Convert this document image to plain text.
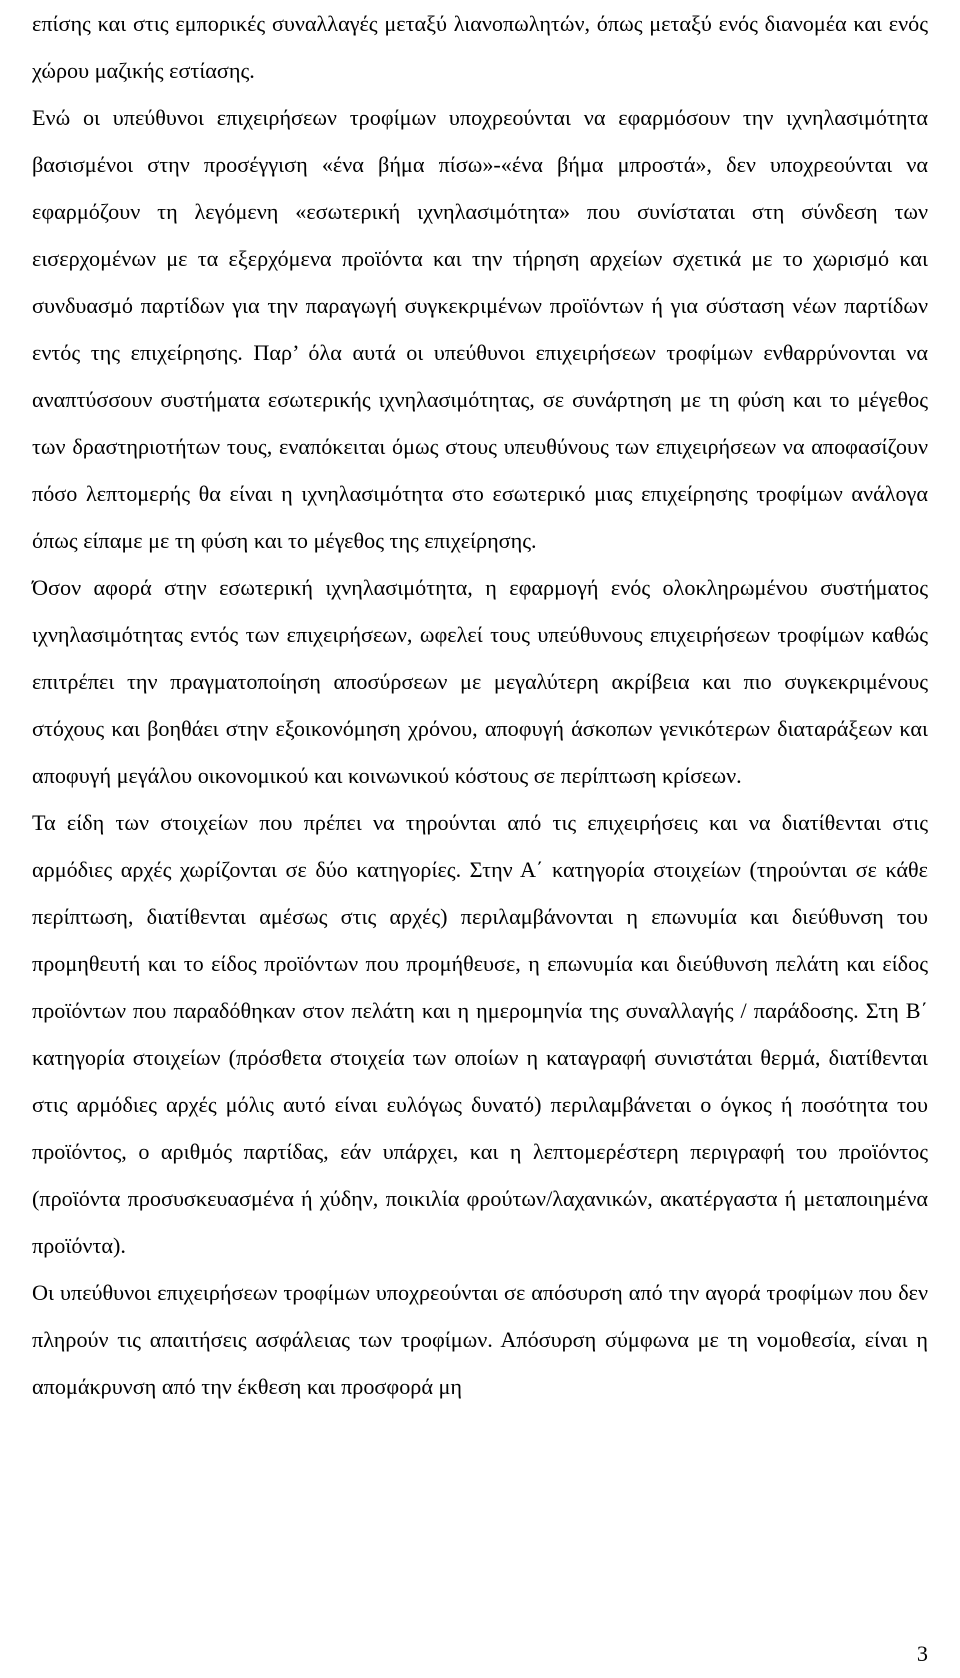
επίσης και στις εμπορικές συναλλαγές μεταξύ λιανοπωλητών, όπως μεταξύ ενός διανομέα και ενός χώρου μαζικής εστίασης.

Ενώ οι υπεύθυνοι επιχειρήσεων τροφίμων υποχρεούνται να εφαρμόσουν την ιχνηλασιμότητα βασισμένοι στην προσέγγιση «ένα βήμα πίσω»-«ένα βήμα μπροστά», δεν υποχρεούνται να εφαρμόζουν τη λεγόμενη «εσωτερική ιχνηλασιμότητα» που συνίσταται στη σύνδεση των εισερχομένων με τα εξερχόμενα προϊόντα και την τήρηση αρχείων σχετικά με το χωρισμό και συνδυασμό παρτίδων για την παραγωγή συγκεκριμένων προϊόντων ή για σύσταση νέων παρτίδων εντός της επιχείρησης. Παρ’ όλα αυτά οι υπεύθυνοι επιχειρήσεων τροφίμων ενθαρρύνονται να αναπτύσσουν συστήματα εσωτερικής ιχνηλασιμότητας, σε συνάρτηση με τη φύση και το μέγεθος των δραστηριοτήτων τους, εναπόκειται όμως στους υπευθύνους των επιχειρήσεων να αποφασίζουν πόσο λεπτομερής θα είναι η ιχνηλασιμότητα στο εσωτερικό μιας επιχείρησης τροφίμων ανάλογα όπως είπαμε με τη φύση και το μέγεθος της επιχείρησης.

Όσον αφορά στην εσωτερική ιχνηλασιμότητα, η εφαρμογή ενός ολοκληρωμένου συστήματος ιχνηλασιμότητας εντός των επιχειρήσεων, ωφελεί τους υπεύθυνους επιχειρήσεων τροφίμων καθώς επιτρέπει την πραγματοποίηση αποσύρσεων με μεγαλύτερη ακρίβεια και πιο συγκεκριμένους στόχους και βοηθάει στην εξοικονόμηση χρόνου, αποφυγή άσκοπων γενικότερων διαταράξεων και αποφυγή μεγάλου οικονομικού και κοινωνικού κόστους σε περίπτωση κρίσεων.

Τα είδη των στοιχείων που πρέπει να τηρούνται από τις επιχειρήσεις και να διατίθενται στις αρμόδιες αρχές χωρίζονται σε δύο κατηγορίες. Στην Α΄ κατηγορία στοιχείων (τηρούνται σε κάθε περίπτωση, διατίθενται αμέσως στις αρχές) περιλαμβάνονται η επωνυμία και διεύθυνση του προμηθευτή και το είδος προϊόντων που προμήθευσε, η επωνυμία και διεύθυνση πελάτη και είδος προϊόντων που παραδόθηκαν στον πελάτη και η ημερομηνία της συναλλαγής / παράδοσης. Στη Β΄ κατηγορία στοιχείων (πρόσθετα στοιχεία των οποίων η καταγραφή συνιστάται θερμά, διατίθενται στις αρμόδιες αρχές μόλις αυτό είναι ευλόγως δυνατό) περιλαμβάνεται ο όγκος ή ποσότητα του προϊόντος, ο αριθμός παρτίδας, εάν υπάρχει, και η λεπτομερέστερη περιγραφή του προϊόντος (προϊόντα προσυσκευασμένα ή χύδην, ποικιλία φρούτων/λαχανικών, ακατέργαστα ή μεταποιημένα προϊόντα).

Οι υπεύθυνοι επιχειρήσεων τροφίμων υποχρεούνται σε απόσυρση από την αγορά τροφίμων που δεν πληρούν τις απαιτήσεις ασφάλειας των τροφίμων. Απόσυρση σύμφωνα με τη νομοθεσία, είναι η απομάκρυνση από την έκθεση και προσφορά μη

3
